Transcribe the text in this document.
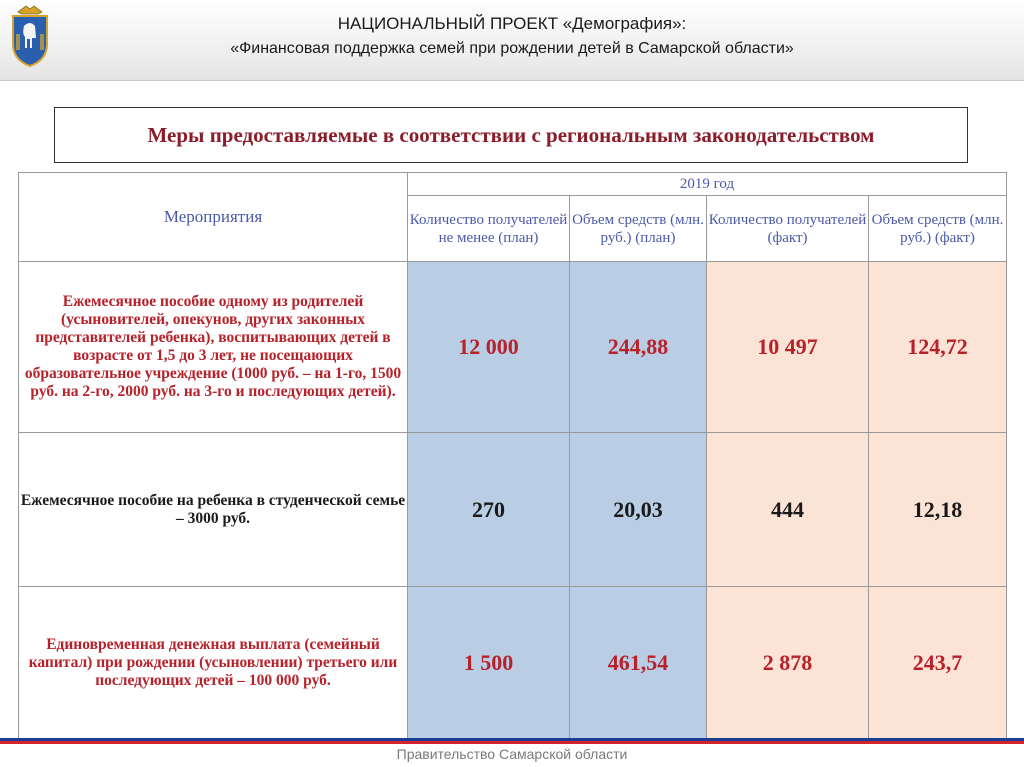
НАЦИОНАЛЬНЫЙ ПРОЕКТ «Демография»:
«Финансовая поддержка семей при рождении детей в Самарской области»
Меры предоставляемые в соответствии с региональным законодательством
Мероприятия	2019 год			
	Количество получателей не менее (план)	Объем средств (млн. руб.) (план)	Количество получателей (факт)	Объем средств (млн. руб.) (факт)
Ежемесячное пособие одному из родителей (усыновителей, опекунов, других законных представителей ребенка), воспитывающих детей в возрасте от 1,5 до 3 лет, не посещающих образовательное учреждение (1000 руб. – на 1-го, 1500 руб. на 2-го, 2000 руб. на 3-го и последующих детей).	12 000	244,88	10 497	124,72
Ежемесячное пособие на ребенка в студенческой семье – 3000 руб.	270	20,03	444	12,18
Единовременная денежная выплата (семейный капитал) при рождении (усыновлении) третьего или последующих детей – 100 000 руб.	1 500	461,54	2 878	243,7
Правительство Самарской области
